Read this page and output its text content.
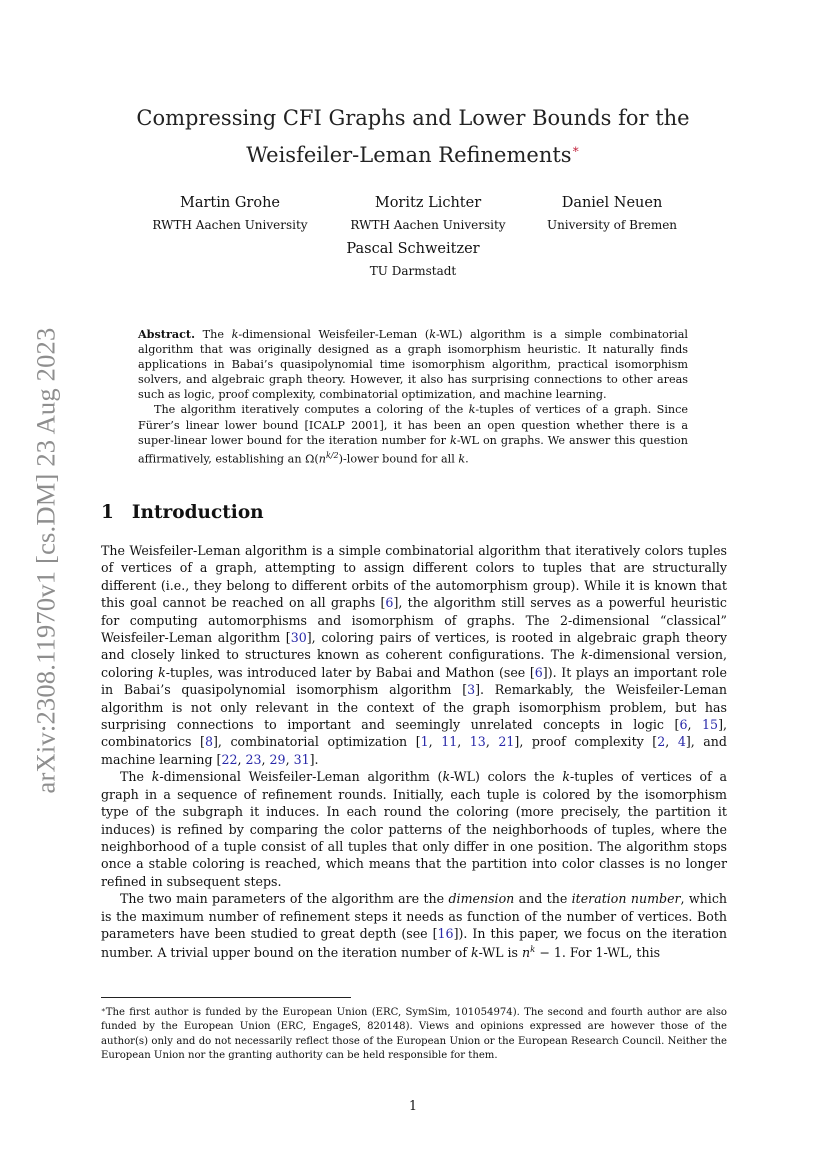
arXiv:2308.11970v1 [cs.DM] 23 Aug 2023
Compressing CFI Graphs and Lower Bounds for the
Weisfeiler-Leman Refinements∗
Martin Grohe
RWTH Aachen University
Moritz Lichter
RWTH Aachen University
Daniel Neuen
University of Bremen
Pascal Schweitzer
TU Darmstadt

Abstract. The k-dimensional Weisfeiler-Leman (k-WL) algorithm is a simple combinatorial algorithm that was originally designed as a graph isomorphism heuristic. It naturally finds applications in Babai’s quasipolynomial time isomorphism algorithm, practical isomorphism solvers, and algebraic graph theory. However, it also has surprising connections to other areas such as logic, proof complexity, combinatorial optimization, and machine learning.

The algorithm iteratively computes a coloring of the k-tuples of vertices of a graph. Since Fürer’s linear lower bound [ICALP 2001], it has been an open question whether there is a super-linear lower bound for the iteration number for k-WL on graphs. We answer this question affirmatively, establishing an $\Omega(n^{k/2})$-lower bound for all k.

1 Introduction

The Weisfeiler-Leman algorithm is a simple combinatorial algorithm that iteratively colors tuples of vertices of a graph, attempting to assign different colors to tuples that are structurally different (i.e., they belong to different orbits of the automorphism group). While it is known that this goal cannot be reached on all graphs [6], the algorithm still serves as a powerful heuristic for computing automorphisms and isomorphism of graphs. The 2-dimensional “classical” Weisfeiler-Leman algorithm [30], coloring pairs of vertices, is rooted in algebraic graph theory and closely linked to structures known as coherent configurations. The k-dimensional version, coloring k-tuples, was introduced later by Babai and Mathon (see [6]). It plays an important role in Babai’s quasipolynomial isomorphism algorithm [3]. Remarkably, the Weisfeiler-Leman algorithm is not only relevant in the context of the graph isomorphism problem, but has surprising connections to important and seemingly unrelated concepts in logic [6, 15], combinatorics [8], combinatorial optimization [1, 11, 13, 21], proof complexity [2, 4], and machine learning [22, 23, 29, 31].

The k-dimensional Weisfeiler-Leman algorithm (k-WL) colors the k-tuples of vertices of a graph in a sequence of refinement rounds. Initially, each tuple is colored by the isomorphism type of the subgraph it induces. In each round the coloring (more precisely, the partition it induces) is refined by comparing the color patterns of the neighborhoods of tuples, where the neighborhood of a tuple consist of all tuples that only differ in one position. The algorithm stops once a stable coloring is reached, which means that the partition into color classes is no longer refined in subsequent steps.

The two main parameters of the algorithm are the dimension and the iteration number, which is the maximum number of refinement steps it needs as function of the number of vertices. Both parameters have been studied to great depth (see [16]). In this paper, we focus on the iteration number. A trivial upper bound on the iteration number of k-WL is $n^k - 1$. For 1-WL, this

∗The first author is funded by the European Union (ERC, SymSim, 101054974). The second and fourth author are also funded by the European Union (ERC, EngageS, 820148). Views and opinions expressed are however those of the author(s) only and do not necessarily reflect those of the European Union or the European Research Council. Neither the European Union nor the granting authority can be held responsible for them.

1
